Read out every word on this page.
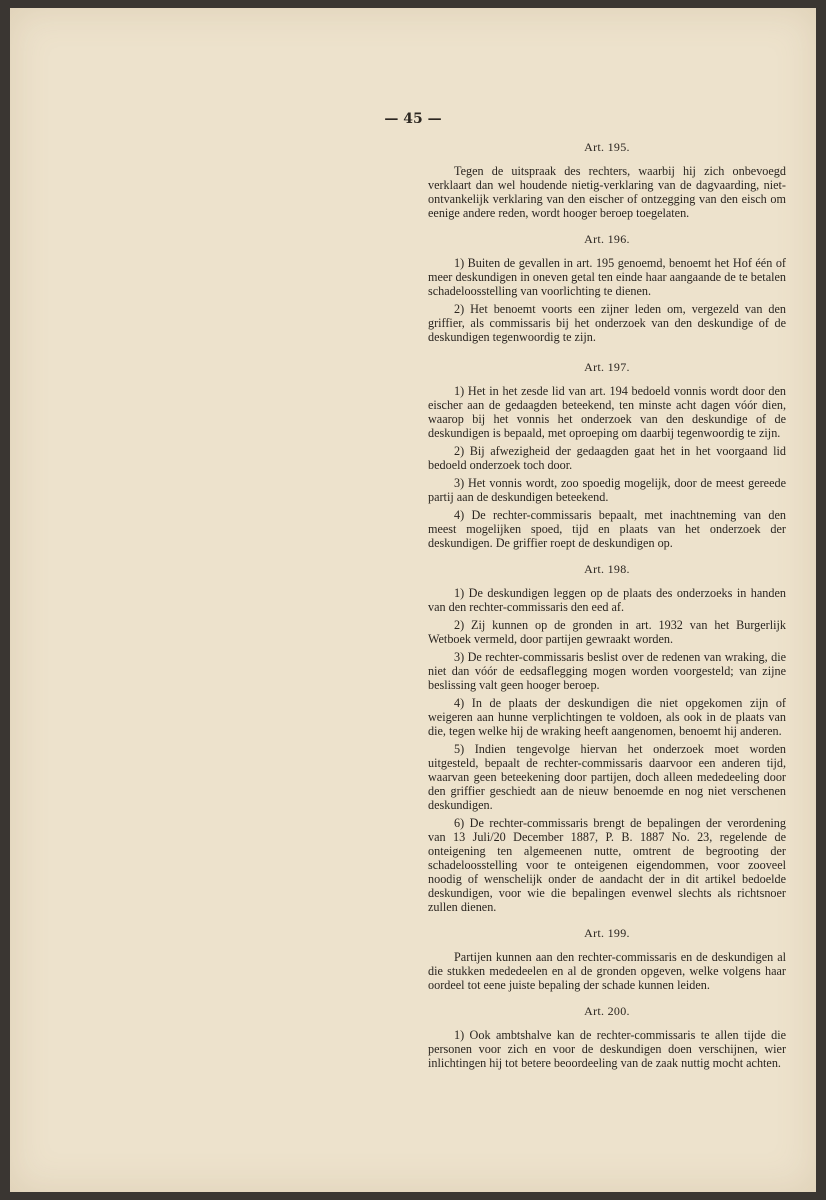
— 45 —
Art. 195.

Tegen de uitspraak des rechters, waarbij hij zich onbevoegd verklaart dan wel houdende nietig-verklaring van de dagvaarding, niet-ontvankelijk verklaring van den eischer of ontzegging van den eisch om eenige andere reden, wordt hooger beroep toegelaten.

Art. 196.

1) Buiten de gevallen in art. 195 genoemd, benoemt het Hof één of meer deskundigen in oneven getal ten einde haar aangaande de te betalen schadeloosstelling van voorlichting te dienen.

2) Het benoemt voorts een zijner leden om, vergezeld van den griffier, als commissaris bij het onderzoek van den deskundige of de deskundigen tegenwoordig te zijn.

Art. 197.

1) Het in het zesde lid van art. 194 bedoeld vonnis wordt door den eischer aan de gedaagden beteekend, ten minste acht dagen vóór dien, waarop bij het vonnis het onderzoek van den deskundige of de deskundigen is bepaald, met oproeping om daarbij tegenwoordig te zijn.

2) Bij afwezigheid der gedaagden gaat het in het voorgaand lid bedoeld onderzoek toch door.

3) Het vonnis wordt, zoo spoedig mogelijk, door de meest gereede partij aan de deskundigen beteekend.

4) De rechter-commissaris bepaalt, met inachtneming van den meest mogelijken spoed, tijd en plaats van het onderzoek der deskundigen. De griffier roept de deskundigen op.

Art. 198.

1) De deskundigen leggen op de plaats des onderzoeks in handen van den rechter-commissaris den eed af.

2) Zij kunnen op de gronden in art. 1932 van het Burgerlijk Wetboek vermeld, door partijen gewraakt worden.

3) De rechter-commissaris beslist over de redenen van wraking, die niet dan vóór de eedsaflegging mogen worden voorgesteld; van zijne beslissing valt geen hooger beroep.

4) In de plaats der deskundigen die niet opgekomen zijn of weigeren aan hunne verplichtingen te voldoen, als ook in de plaats van die, tegen welke hij de wraking heeft aangenomen, benoemt hij anderen.

5) Indien tengevolge hiervan het onderzoek moet worden uitgesteld, bepaalt de rechter-commissaris daarvoor een anderen tijd, waarvan geen beteekening door partijen, doch alleen mededeeling door den griffier geschiedt aan de nieuw benoemde en nog niet verschenen deskundigen.

6) De rechter-commissaris brengt de bepalingen der verordening van 13 Juli/20 December 1887, P. B. 1887 No. 23, regelende de onteigening ten algemeenen nutte, omtrent de begrooting der schadeloosstelling voor te onteigenen eigendommen, voor zooveel noodig of wenschelijk onder de aandacht der in dit artikel bedoelde deskundigen, voor wie die bepalingen evenwel slechts als richtsnoer zullen dienen.

Art. 199.

Partijen kunnen aan den rechter-commissaris en de deskundigen al die stukken mededeelen en al de gronden opgeven, welke volgens haar oordeel tot eene juiste bepaling der schade kunnen leiden.

Art. 200.

1) Ook ambtshalve kan de rechter-commissaris te allen tijde die personen voor zich en voor de deskundigen doen verschijnen, wier inlichtingen hij tot betere beoordeeling van de zaak nuttig mocht achten.
